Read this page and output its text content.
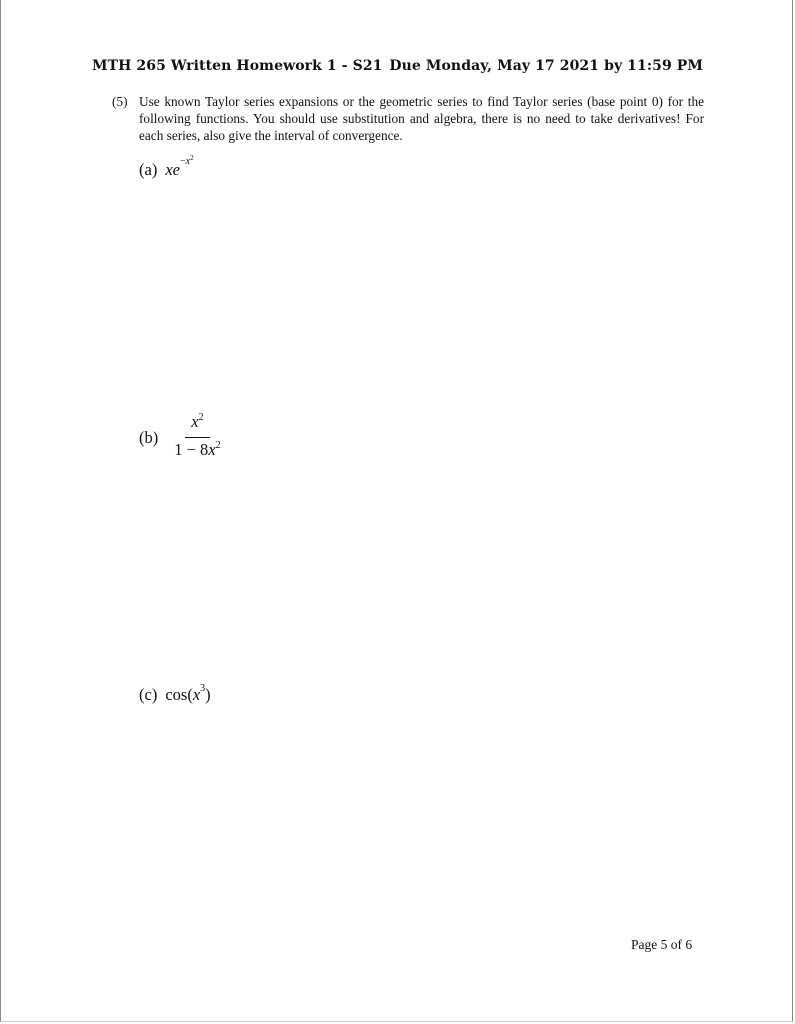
MTH 265 Written Homework 1 - S21 Due Monday, May 17 2021 by 11:59 PM
(5) Use known Taylor series expansions or the geometric series to find Taylor series (base point 0) for the following functions. You should use substitution and algebra, there is no need to take derivatives! For each series, also give the interval of convergence.
(a) xe $-x^2$
$(b) \frac{x^2}{1 - 8x^2}$
(c) cos( x 3 )
Page 5 of 6
